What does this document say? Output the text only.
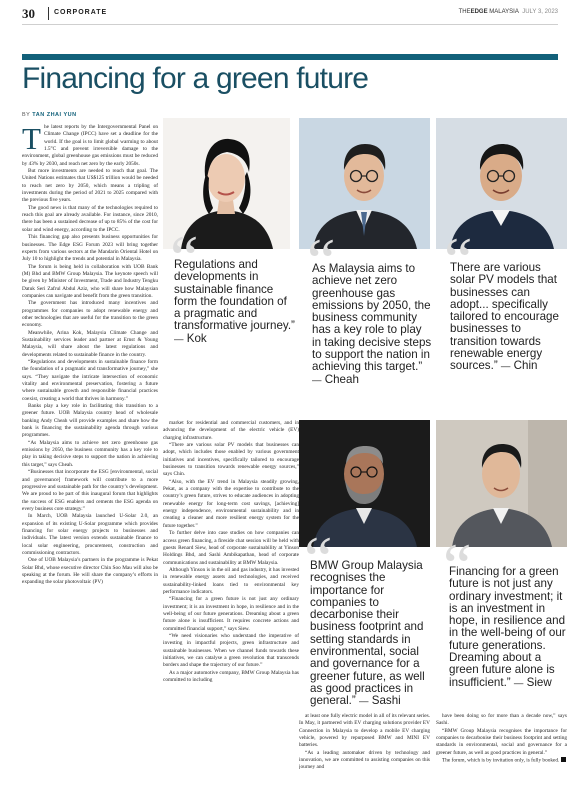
30	CORPORATE	THEEDGE MALAYSIA JULY 3, 2023
Financing for a green future
BY TAN ZHAI YUN

The latest reports by the Intergovernmental Panel on Climate Change (IPCC) have set a deadline for the world. If the goal is to limit global warming to about 1.5°C and prevent irreversible damage to the environment, global greenhouse gas emissions must be reduced by 43% by 2030, and reach net zero by the early 2050s.

But more investments are needed to reach that goal. The United Nations estimates that US$125 trillion would be needed to reach net zero by 2050, which means a tripling of investments during the period of 2021 to 2025 compared with the previous five years.

The good news is that many of the technologies required to reach this goal are already available. For instance, since 2010, there has been a sustained decrease of up to 85% of the cost for solar and wind energy, according to the IPCC.

This financing gap also presents business opportunities for businesses. The Edge ESG Forum 2023 will bring together experts from various sectors at the Mandarin Oriental Hotel on July 10 to highlight the trends and potential in Malaysia.

The forum is being held in collaboration with UOB Bank (M) Bhd and BMW Group Malaysia. The keynote speech will be given by Minister of Investment, Trade and Industry Tengku Datuk Seri Zafrul Abdul Aziz, who will share how Malaysian companies can navigate and benefit from the green transition.

The government has introduced many incentives and programmes for companies to adopt renewable energy and other technologies that are useful for the transition to the green economy.

Meanwhile, Arina Kok, Malaysia Climate Change and Sustainability services leader and partner at Ernst & Young Malaysia, will share about the latest regulations and developments related to sustainable finance in the country.

“Regulations and developments in sustainable finance form the foundation of a pragmatic and transformative journey,” she says. “They navigate the intricate intersection of economic vitality and environmental preservation, fostering a future where sustainable growth and responsible financial practices coexist, creating a world that thrives in harmony.”

Banks play a key role in facilitating this transition to a greener future. UOB Malaysia country head of wholesale banking Andy Cheah will provide examples and share how the bank is financing the sustainability agenda through various programmes.

“As Malaysia aims to achieve net zero greenhouse gas emissions by 2050, the business community has a key role to play in taking decisive steps to support the nation in achieving this target,” says Cheah.

“Businesses that incorporate the ESG [environmental, social and governance] framework will contribute to a more progressive and sustainable path for the country’s development. We are proud to be part of this inaugural forum that highlights the success of ESG enablers and cements the ESG agenda on every business core strategy.”

In March, UOB Malaysia launched U-Solar 2.0, an expansion of its existing U-Solar programme which provides financing for solar energy projects to businesses and individuals. The latest version extends sustainable finance to local solar engineering, procurement, construction and commissioning contractors.

One of UOB Malaysia’s partners in the programme is Pekat Solar Bhd, whose executive director Chin Soo Mau will also be speaking at the forum. He will share the company’s efforts in expanding the solar photovoltaic (PV)

“
Regulations and developments in sustainable finance form the foundation of a pragmatic and transformative journey.”
— Kok
“
As Malaysia aims to achieve net zero greenhouse gas emissions by 2050, the business community has a key role to play in taking decisive steps to support the nation in achieving this target.” — Cheah
“
There are various solar PV models that businesses can adopt... specifically tailored to encourage businesses to transition towards renewable energy sources.” — Chin
“
BMW Group Malaysia recognises the importance for companies to decarbonise their business footprint and setting standards in environmental, social and governance for a greener future, as well as good practices in general.” — Sashi
“
Financing for a green future is not just any ordinary investment; it is an investment in hope, in resilience and in the well-being of our future generations. Dreaming about a green future alone is insufficient.” — Siew

market for residential and commercial customers, and in advancing the development of the electric vehicle (EV) charging infrastructure.

“There are various solar PV models that businesses can adopt, which includes those enabled by various government initiatives and incentives, specifically tailored to encourage businesses to transition towards renewable energy sources,” says Chin.

“Also, with the EV trend in Malaysia steadily growing, Pekat, as a company with the expertise to contribute to the country’s green future, strives to educate audiences in adopting renewable energy for long-term cost savings, [achieving] energy independence, environmental sustainability and in creating a cleaner and more resilient energy system for the future together.”

To further delve into case studies on how companies can access green financing, a fireside chat session will be held with guests Renard Siew, head of corporate sustainability at Yinson Holdings Bhd, and Sashi Ambikapathan, head of corporate communications and sustainability at BMW Malaysia.

Although Yinson is in the oil and gas industry, it has invested in renewable energy assets and technologies, and received sustainability-linked loans tied to environmental key performance indicators.

“Financing for a green future is not just any ordinary investment; it is an investment in hope, in resilience and in the well-being of our future generations. Dreaming about a green future alone is insufficient. It requires concrete actions and committed financial support,” says Siew.

“We need visionaries who understand the imperative of investing in impactful projects, green infrastructure and sustainable businesses. When we channel funds towards these initiatives, we can catalyse a green revolution that transcends borders and shape the trajectory of our future.”

As a major automotive company, BMW Group Malaysia has committed to including

at least one fully electric model in all of its relevant series. In May, it partnered with EV charging solutions provider EV Connection in Malaysia to develop a mobile EV charging vehicle, powered by repurposed BMW and MINI EV batteries.

“As a leading automaker driven by technology and innovation, we are committed to assisting companies on this journey and

have been doing so for more than a decade now,” says Sashi.

“BMW Group Malaysia recognises the importance for companies to decarbonise their business footprint and setting standards in environmental, social and governance for a greener future, as well as good practices in general.”

The forum, which is by invitation only, is fully booked.
